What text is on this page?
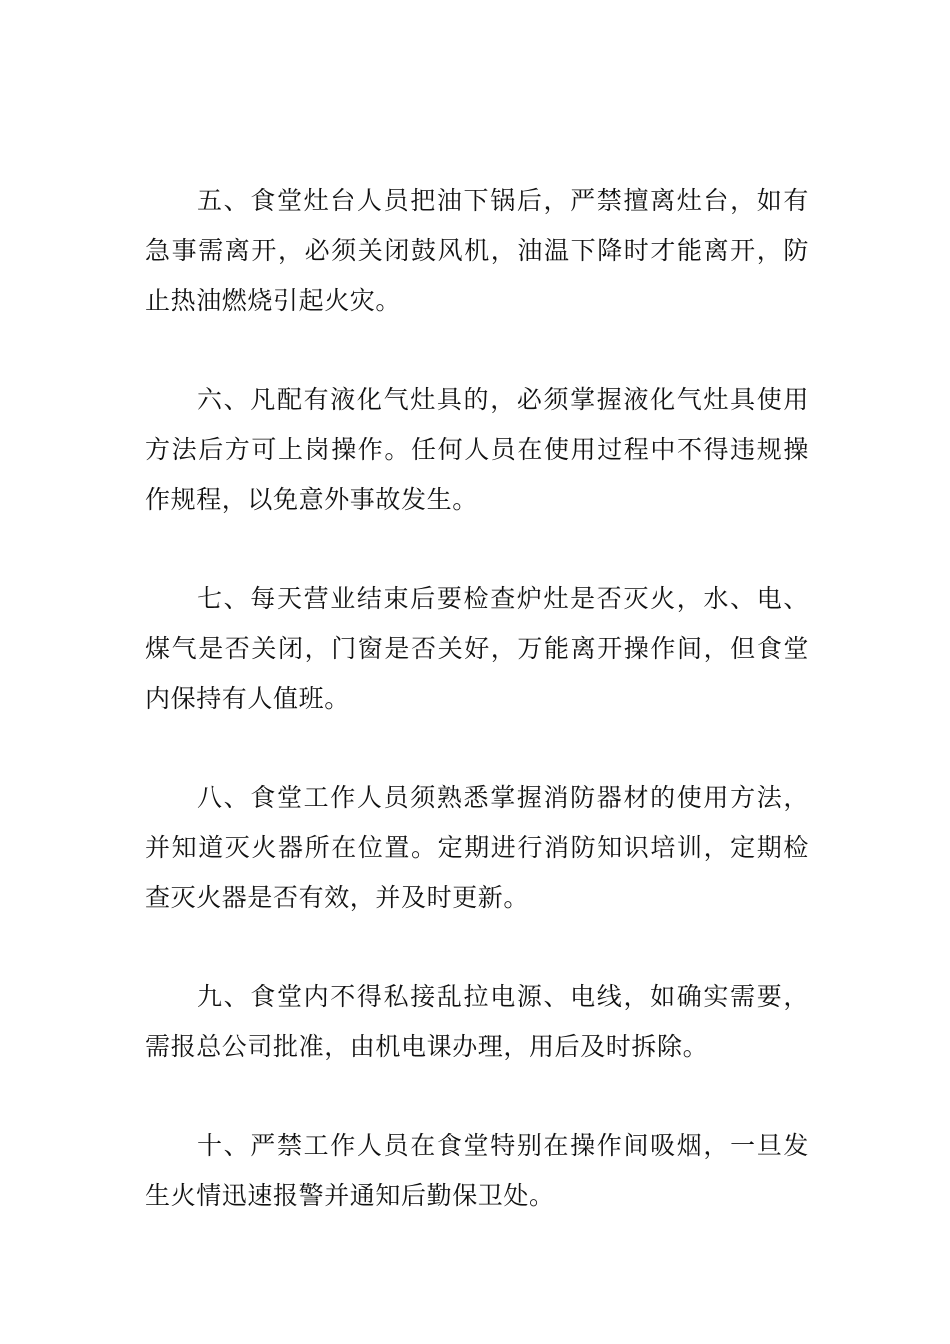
五、食堂灶台人员把油下锅后，严禁擅离灶台，如有急事需离开，必须关闭鼓风机，油温下降时才能离开，防止热油燃烧引起火灾。

六、凡配有液化气灶具的，必须掌握液化气灶具使用方法后方可上岗操作。任何人员在使用过程中不得违规操作规程，以免意外事故发生。

七、每天营业结束后要检查炉灶是否灭火，水、电、煤气是否关闭，门窗是否关好，万能离开操作间，但食堂内保持有人值班。

八、食堂工作人员须熟悉掌握消防器材的使用方法，并知道灭火器所在位置。定期进行消防知识培训，定期检查灭火器是否有效，并及时更新。

九、食堂内不得私接乱拉电源、电线，如确实需要，需报总公司批准，由机电课办理，用后及时拆除。

十、严禁工作人员在食堂特别在操作间吸烟，一旦发生火情迅速报警并通知后勤保卫处。
